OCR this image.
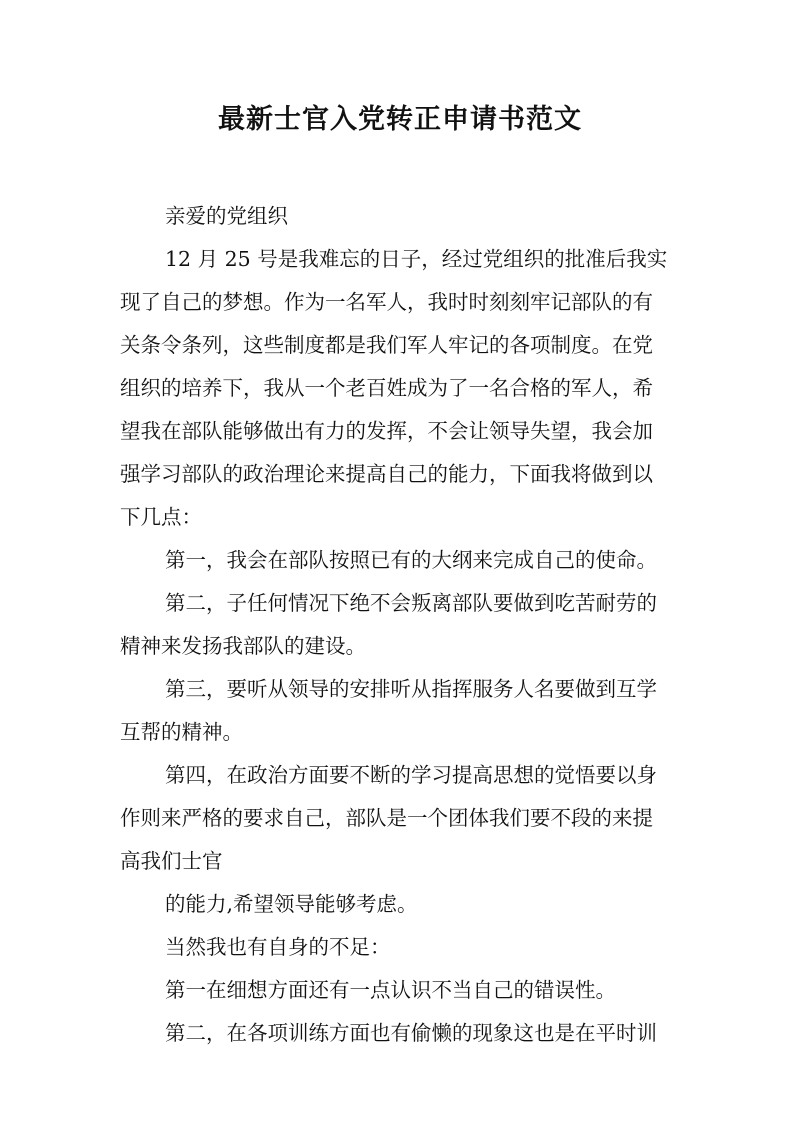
最新士官入党转正申请书范文
亲爱的党组织
12 月 25 号是我难忘的日子，经过党组织的批准后我实
现了自己的梦想。作为一名军人，我时时刻刻牢记部队的有
关条令条列，这些制度都是我们军人牢记的各项制度。在党
组织的培养下，我从一个老百姓成为了一名合格的军人，希
望我在部队能够做出有力的发挥，不会让领导失望，我会加
强学习部队的政治理论来提高自己的能力，下面我将做到以
下几点：
第一，我会在部队按照已有的大纲来完成自己的使命。
第二，子任何情况下绝不会叛离部队要做到吃苦耐劳的
精神来发扬我部队的建设。
第三，要听从领导的安排听从指挥服务人名要做到互学
互帮的精神。
第四，在政治方面要不断的学习提高思想的觉悟要以身
作则来严格的要求自己，部队是一个团体我们要不段的来提
高我们士官
的能力,希望领导能够考虑。
当然我也有自身的不足：
第一在细想方面还有一点认识不当自己的错误性。
第二，在各项训练方面也有偷懒的现象这也是在平时训
